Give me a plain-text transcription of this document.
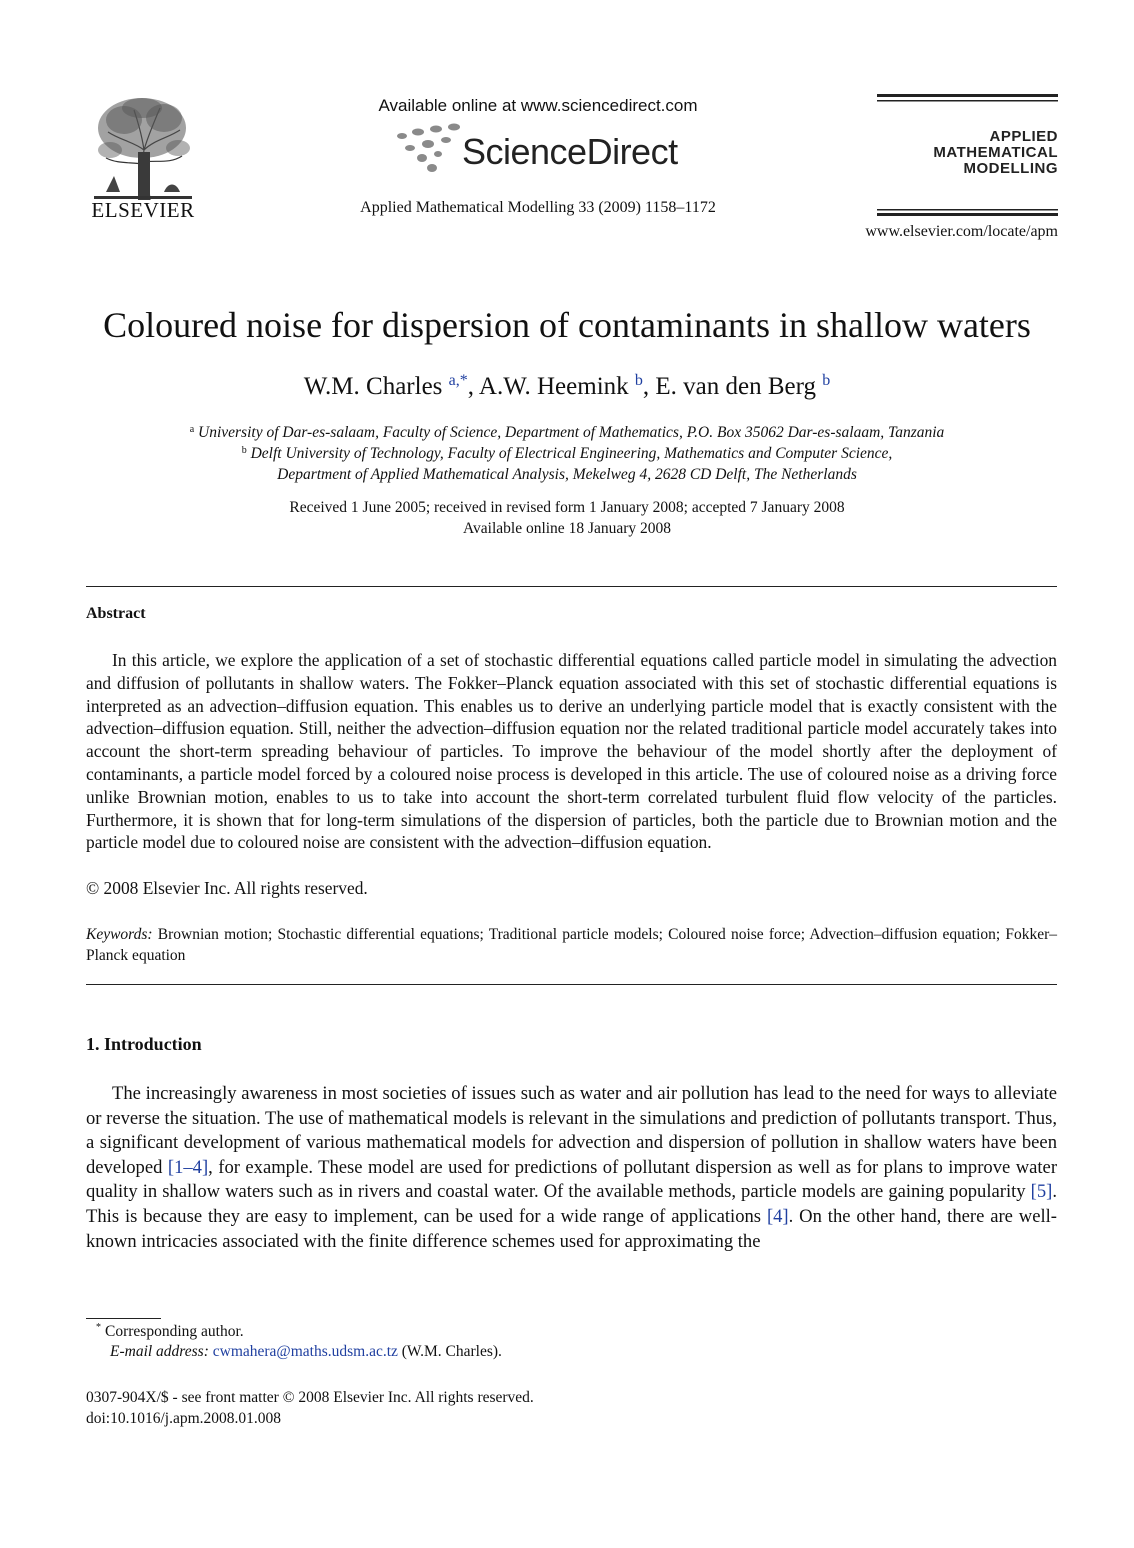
ELSEVIER
Available online at www.sciencedirect.com
ScienceDirect
Applied Mathematical Modelling 33 (2009) 1158–1172
APPLIED
MATHEMATICAL
MODELLING
www.elsevier.com/locate/apm
Coloured noise for dispersion of contaminants in shallow waters
W.M. Charles $^{a,*}$, A.W. Heemink $^b$, E. van den Berg $^b$
$^a$ University of Dar-es-salaam, Faculty of Science, Department of Mathematics, P.O. Box 35062 Dar-es-salaam, Tanzania
$^b$ Delft University of Technology, Faculty of Electrical Engineering, Mathematics and Computer Science,
Department of Applied Mathematical Analysis, Mekelweg 4, 2628 CD Delft, The Netherlands
Received 1 June 2005; received in revised form 1 January 2008; accepted 7 January 2008
Available online 18 January 2008
Abstract
In this article, we explore the application of a set of stochastic differential equations called particle model in simulating the advection and diffusion of pollutants in shallow waters. The Fokker–Planck equation associated with this set of stochastic differential equations is interpreted as an advection–diffusion equation. This enables us to derive an underlying particle model that is exactly consistent with the advection–diffusion equation. Still, neither the advection–diffusion equation nor the related traditional particle model accurately takes into account the short-term spreading behaviour of particles. To improve the behaviour of the model shortly after the deployment of contaminants, a particle model forced by a coloured noise process is developed in this article. The use of coloured noise as a driving force unlike Brownian motion, enables to us to take into account the short-term correlated turbulent fluid flow velocity of the particles. Furthermore, it is shown that for long-term simulations of the dispersion of particles, both the particle due to Brownian motion and the particle model due to coloured noise are consistent with the advection–diffusion equation.
© 2008 Elsevier Inc. All rights reserved.
Keywords: Brownian motion; Stochastic differential equations; Traditional particle models; Coloured noise force; Advection–diffusion equation; Fokker–Planck equation
1. Introduction
The increasingly awareness in most societies of issues such as water and air pollution has lead to the need for ways to alleviate or reverse the situation. The use of mathematical models is relevant in the simulations and prediction of pollutants transport. Thus, a significant development of various mathematical models for advection and dispersion of pollution in shallow waters have been developed [1–4], for example. These model are used for predictions of pollutant dispersion as well as for plans to improve water quality in shallow waters such as in rivers and coastal water. Of the available methods, particle models are gaining popularity [5]. This is because they are easy to implement, can be used for a wide range of applications [4]. On the other hand, there are well-known intricacies associated with the finite difference schemes used for approximating the
* Corresponding author.
E-mail address: cwmahera@maths.udsm.ac.tz (W.M. Charles).
0307-904X/$ - see front matter © 2008 Elsevier Inc. All rights reserved.
doi:10.1016/j.apm.2008.01.008
